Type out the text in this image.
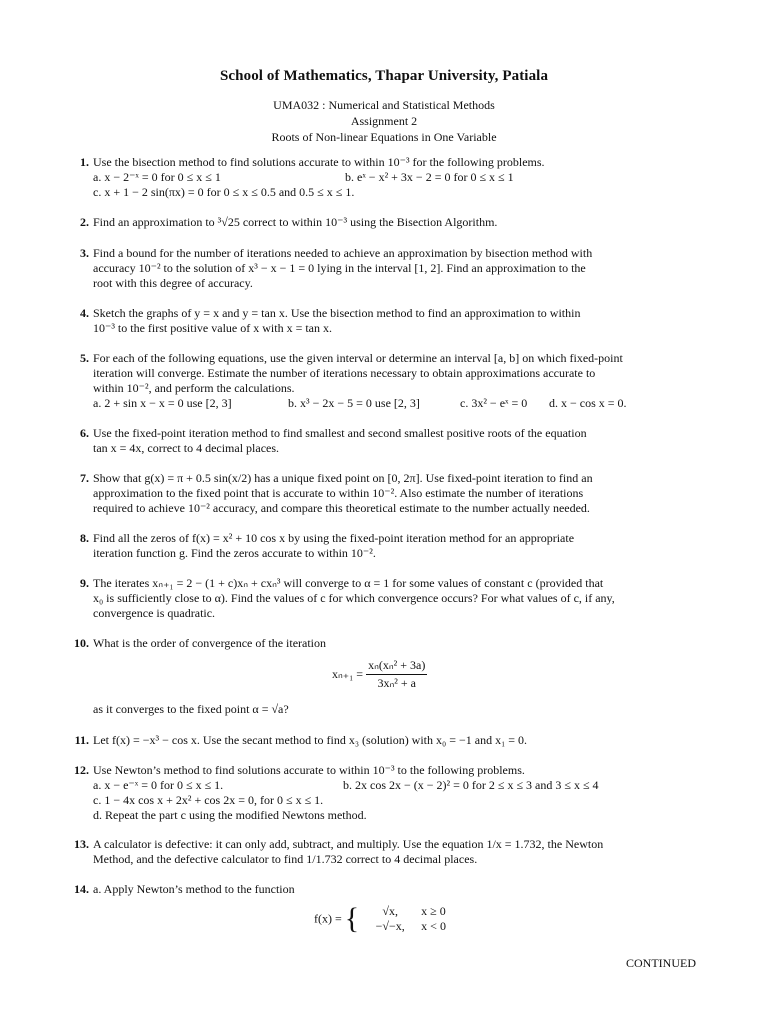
School of Mathematics, Thapar University, Patiala
UMA032 : Numerical and Statistical Methods
Assignment 2
Roots of Non-linear Equations in One Variable
1. Use the bisection method to find solutions accurate to within 10⁻³ for the following problems.
a. x − 2⁻ˣ = 0 for 0 ≤ x ≤ 1	b. eˣ − x² + 3x − 2 = 0 for 0 ≤ x ≤ 1
c. x + 1 − 2 sin(πx) = 0 for 0 ≤ x ≤ 0.5 and 0.5 ≤ x ≤ 1.
2. Find an approximation to ³√25 correct to within 10⁻³ using the Bisection Algorithm.
3. Find a bound for the number of iterations needed to achieve an approximation by bisection method with
accuracy 10⁻² to the solution of x³ − x − 1 = 0 lying in the interval [1, 2]. Find an approximation to the
root with this degree of accuracy.
4. Sketch the graphs of y = x and y = tan x. Use the bisection method to find an approximation to within
10⁻³ to the first positive value of x with x = tan x.
5. For each of the following equations, use the given interval or determine an interval [a, b] on which fixed-point
iteration will converge. Estimate the number of iterations necessary to obtain approximations accurate to
within 10⁻², and perform the calculations.
a. 2 + sin x − x = 0 use [2, 3]	b. x³ − 2x − 5 = 0 use [2, 3]	c. 3x² − eˣ = 0 d. x − cos x = 0.
6. Use the fixed-point iteration method to find smallest and second smallest positive roots of the equation
tan x = 4x, correct to 4 decimal places.
7. Show that g(x) = π + 0.5 sin(x/2) has a unique fixed point on [0, 2π]. Use fixed-point iteration to find an
approximation to the fixed point that is accurate to within 10⁻². Also estimate the number of iterations
required to achieve 10⁻² accuracy, and compare this theoretical estimate to the number actually needed.
8. Find all the zeros of f(x) = x² + 10 cos x by using the fixed-point iteration method for an appropriate
iteration function g. Find the zeros accurate to within 10⁻².
9. The iterates xₙ₊₁ = 2 − (1 + c)xₙ + cxₙ³ will converge to α = 1 for some values of constant c (provided that
x₀ is sufficiently close to α). Find the values of c for which convergence occurs? For what values of c, if any,
convergence is quadratic.
10. What is the order of convergence of the iteration
$x_{n+1} = \frac{\text{xₙ(xₙ² + 3a)}}{\text{3xₙ² + a}}$
as it converges to the fixed point α = √a?
11. Let f(x) = −x³ − cos x. Use the secant method to find x₃ (solution) with x₀ = −1 and x₁ = 0.
12. Use Newton’s method to find solutions accurate to within 10⁻³ to the following problems.
a. x − e⁻ˣ = 0 for 0 ≤ x ≤ 1.	b. 2x cos 2x − (x − 2)² = 0 for 2 ≤ x ≤ 3 and 3 ≤ x ≤ 4
c. 1 − 4x cos x + 2x² + cos 2x = 0, for 0 ≤ x ≤ 1.
d. Repeat the part c using the modified Newtons method.
13. A calculator is defective: it can only add, subtract, and multiply. Use the equation 1/x = 1.732, the Newton
Method, and the defective calculator to find 1/1.732 correct to 4 decimal places.
14. a. Apply Newton’s method to the function
f(x) = {	√x, x ≥ 0
−√−x, x < 0
CONTINUED
